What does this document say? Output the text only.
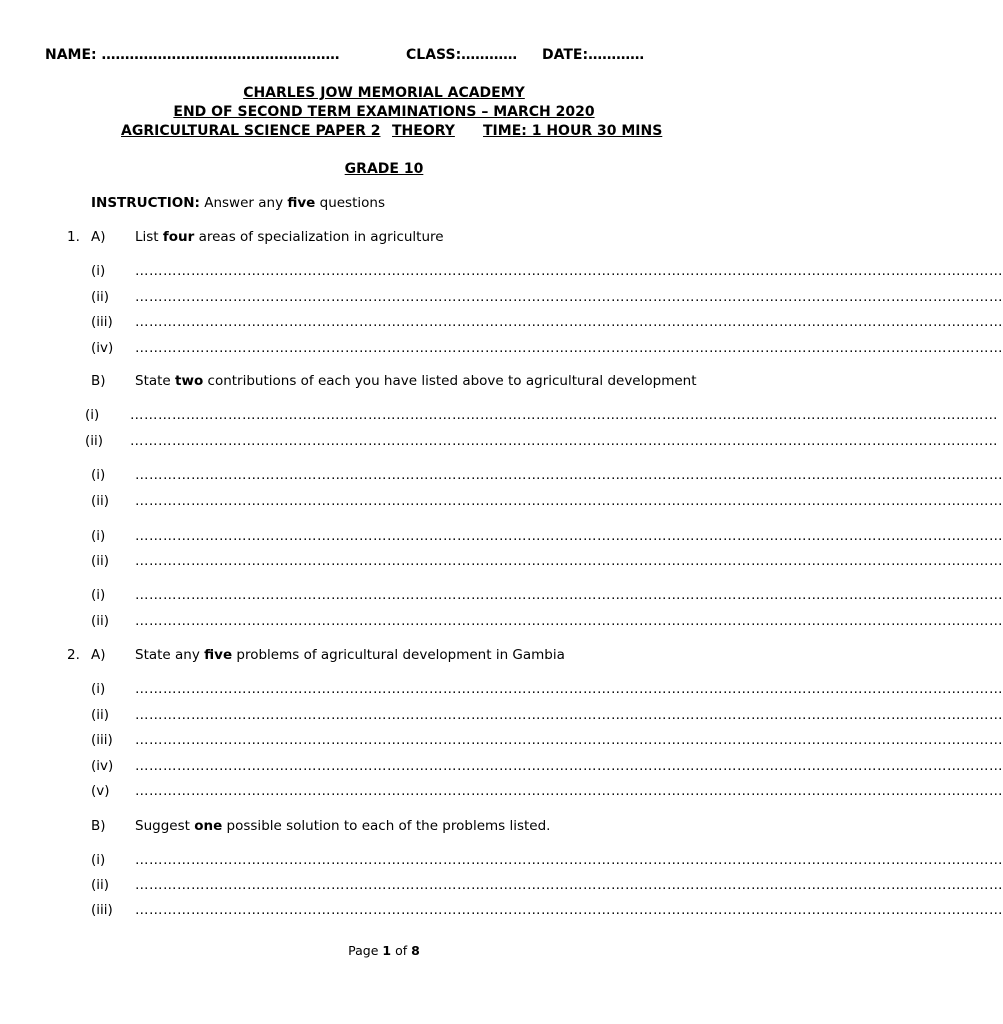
NAME: ……………………………………………	CLASS:………… DATE:…………
CHARLES JOW MEMORIAL ACADEMY
END OF SECOND TERM EXAMINATIONS – MARCH 2020
AGRICULTURAL SCIENCE PAPER 2 THEORY TIME: 1 HOUR 30 MINS
GRADE 10
INSTRUCTION: Answer any five questions
1. A) List four areas of specialization in agriculture
(i) ……………………………………………………………………………………………………………………………………………………………………
(ii) ……………………………………………………………………………………………………………………………………………………………………
(iii) ……………………………………………………………………………………………………………………………………………………………………
(iv) ……………………………………………………………………………………………………………………………………………………………………
B) State two contributions of each you have listed above to agricultural development
(i) ……………………………………………………………………………………………………………………………………………………………………
(ii) ……………………………………………………………………………………………………………………………………………………………………
(i) ……………………………………………………………………………………………………………………………………………………………………
(ii) ……………………………………………………………………………………………………………………………………………………………………
(i) ……………………………………………………………………………………………………………………………………………………………………
(ii) ……………………………………………………………………………………………………………………………………………………………………
(i) ……………………………………………………………………………………………………………………………………………………………………
(ii) ……………………………………………………………………………………………………………………………………………………………………
2. A) State any five problems of agricultural development in Gambia
(i) ……………………………………………………………………………………………………………………………………………………………………
(ii) ……………………………………………………………………………………………………………………………………………………………………
(iii) ……………………………………………………………………………………………………………………………………………………………………
(iv) ……………………………………………………………………………………………………………………………………………………………………
(v) ……………………………………………………………………………………………………………………………………………………………………
B) Suggest one possible solution to each of the problems listed.
(i) ……………………………………………………………………………………………………………………………………………………………………
(ii) ……………………………………………………………………………………………………………………………………………………………………
(iii) ……………………………………………………………………………………………………………………………………………………………………
Page 1 of 8
